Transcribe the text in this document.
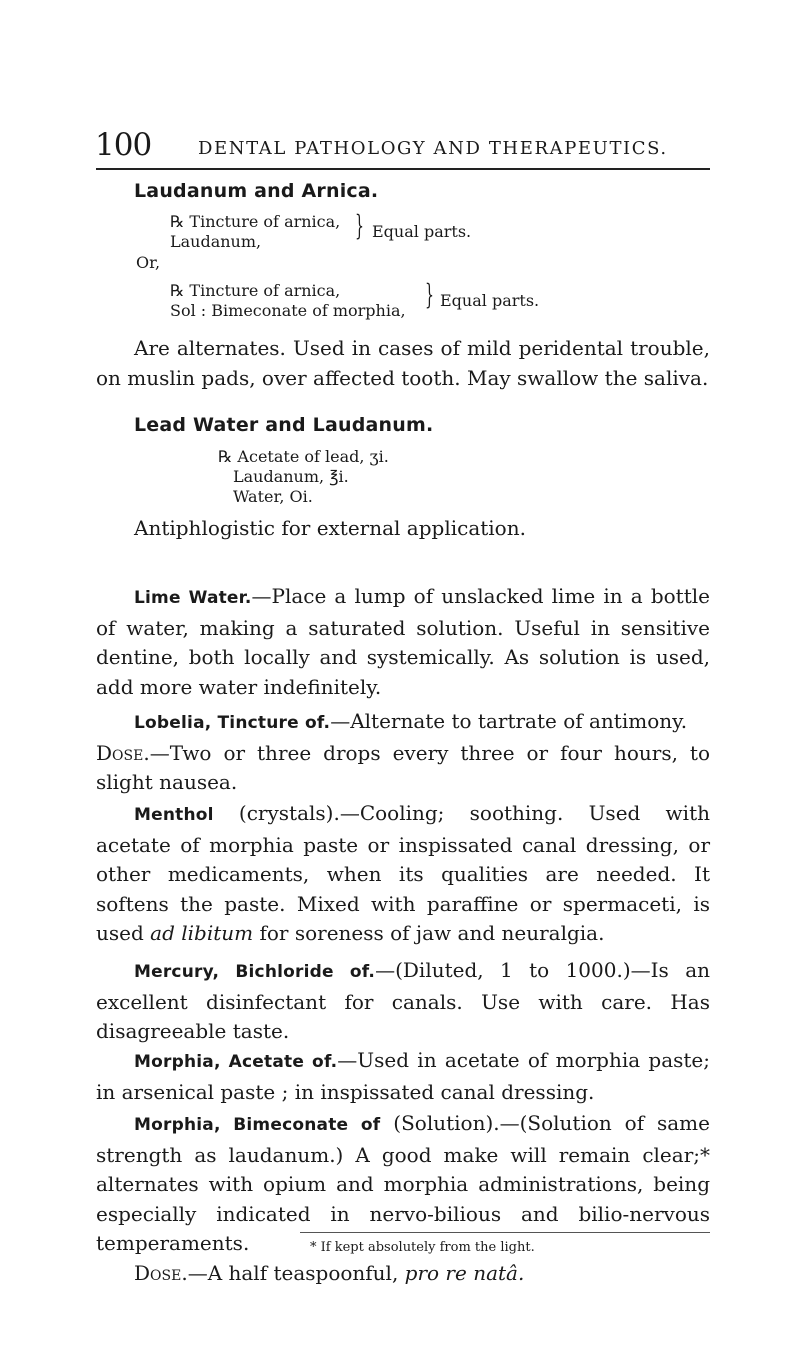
100	DENTAL PATHOLOGY AND THERAPEUTICS.
Laudanum and Arnica.
℞ Tincture of arnica,
Laudanum,	} Equal parts.
Or,
℞ Tincture of arnica,
Sol : Bimeconate of morphia, } Equal parts.

Are alternates. Used in cases of mild peridental trouble, on muslin pads, over affected tooth. May swallow the saliva.

Lead Water and Laudanum.
℞ Acetate of lead, ʒi.
Laudanum, ℥i.
Water, Oi.

Antiphlogistic for external application.

Lime Water.—Place a lump of unslacked lime in a bottle of water, making a saturated solution. Useful in sensitive dentine, both locally and systemically. As solution is used, add more water indefinitely.

Lobelia, Tincture of.—Alternate to tartrate of antimony.

Dose.—Two or three drops every three or four hours, to slight nausea.

Menthol (crystals).—Cooling; soothing. Used with acetate of morphia paste or inspissated canal dressing, or other medicaments, when its qualities are needed. It softens the paste. Mixed with paraffine or spermaceti, is used ad libitum for soreness of jaw and neuralgia.

Mercury, Bichloride of.—(Diluted, 1 to 1000.)—Is an excellent disinfectant for canals. Use with care. Has disagreeable taste.

Morphia, Acetate of.—Used in acetate of morphia paste; in arsenical paste ; in inspissated canal dressing.

Morphia, Bimeconate of (Solution).—(Solution of same strength as laudanum.) A good make will remain clear;* alternates with opium and morphia administrations, being especially indicated in nervo-bilious and bilio-nervous temperaments.

Dose.—A half teaspoonful, pro re natâ.

* If kept absolutely from the light.
